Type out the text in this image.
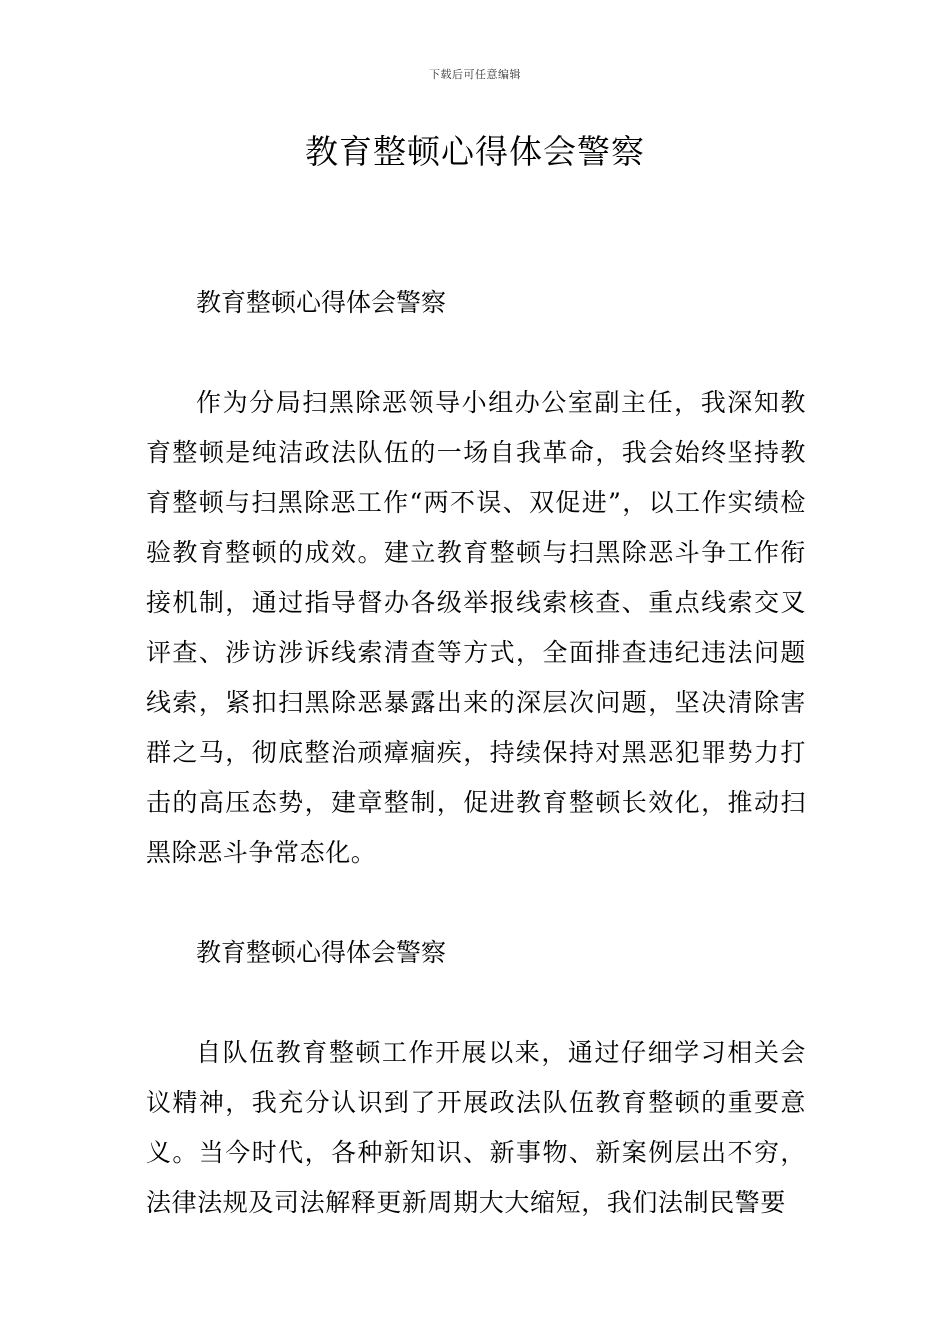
下载后可任意编辑
教育整顿心得体会警察

教育整顿心得体会警察

作为分局扫黑除恶领导小组办公室副主任，我深知教育整顿是纯洁政法队伍的一场自我革命，我会始终坚持教育整顿与扫黑除恶工作“两不误、双促进”，以工作实绩检验教育整顿的成效。建立教育整顿与扫黑除恶斗争工作衔接机制，通过指导督办各级举报线索核查、重点线索交叉评查、涉访涉诉线索清查等方式，全面排查违纪违法问题线索，紧扣扫黑除恶暴露出来的深层次问题，坚决清除害群之马，彻底整治顽瘴痼疾，持续保持对黑恶犯罪势力打击的高压态势，建章整制，促进教育整顿长效化，推动扫黑除恶斗争常态化。

教育整顿心得体会警察

自队伍教育整顿工作开展以来，通过仔细学习相关会议精神，我充分认识到了开展政法队伍教育整顿的重要意义。当今时代，各种新知识、新事物、新案例层出不穷，法律法规及司法解释更新周期大大缩短，我们法制民警要
